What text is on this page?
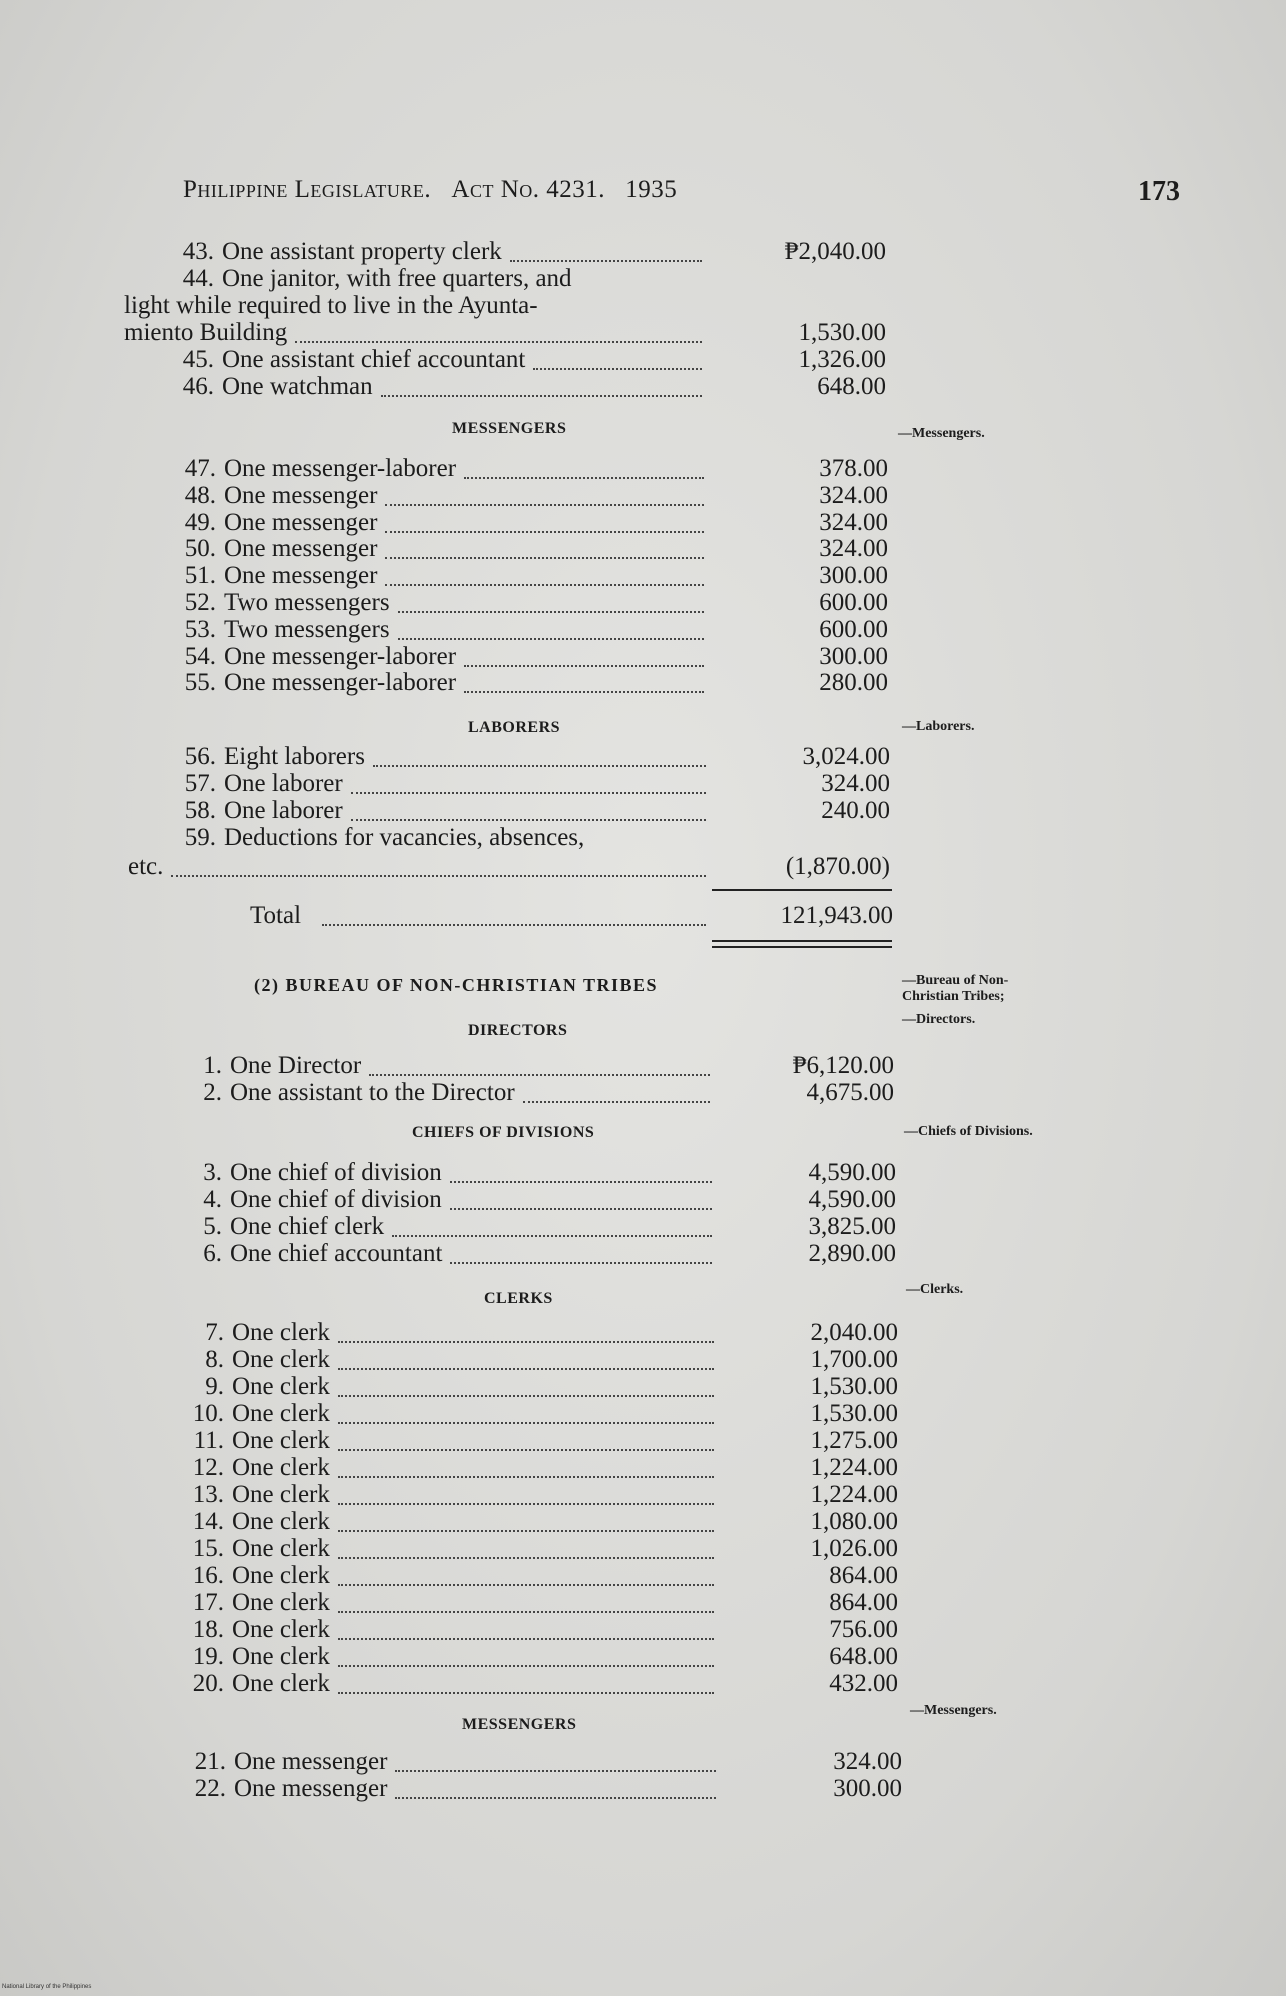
Philippine Legislature. Act No. 4231. 1935	173
43. One assistant property clerk	₱2,040.00
44. One janitor, with free quarters, and
light while required to live in the Ayunta-
miento Building	1,530.00
45. One assistant chief accountant	1,326.00
46. One watchman	648.00
MESSENGERS	—Messengers.
47. One messenger-laborer	378.00
48. One messenger	324.00
49. One messenger	324.00
50. One messenger	324.00
51. One messenger	300.00
52. Two messengers	600.00
53. Two messengers	600.00
54. One messenger-laborer	300.00
55. One messenger-laborer	280.00
LABORERS	—Laborers.
56. Eight laborers	3,024.00
57. One laborer	324.00
58. One laborer	240.00
59. Deductions for vacancies, absences,
etc.	(1,870.00)
Total	121,943.00
(2) BUREAU OF NON-CHRISTIAN TRIBES	—Bureau of Non-
Christian Tribes;
—Directors.
DIRECTORS
1. One Director	₱6,120.00
2. One assistant to the Director	4,675.00
CHIEFS OF DIVISIONS	—Chiefs of Divisions.
3. One chief of division	4,590.00
4. One chief of division	4,590.00
5. One chief clerk	3,825.00
6. One chief accountant	2,890.00
CLERKS
—Clerks.
7. One clerk	2,040.00
8. One clerk	1,700.00
9. One clerk	1,530.00
10. One clerk	1,530.00
11. One clerk	1,275.00
12. One clerk	1,224.00
13. One clerk	1,224.00
14. One clerk	1,080.00
15. One clerk	1,026.00
16. One clerk	864.00
17. One clerk	864.00
18. One clerk	756.00
19. One clerk	648.00
20. One clerk	432.00
MESSENGERS
—Messengers.
21. One messenger	324.00
22. One messenger	300.00
National Library of the Philippines
